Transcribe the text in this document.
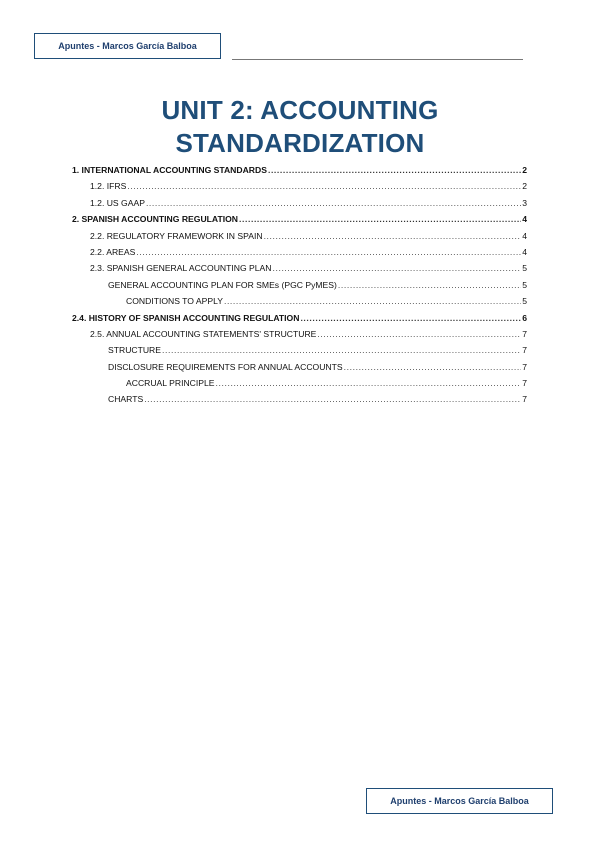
Apuntes - Marcos García Balboa
UNIT 2: ACCOUNTING
STANDARDIZATION
1. INTERNATIONAL ACCOUNTING STANDARDS .....	2
1.2. IFRS .....	2
1.2. US GAAP .....	3
2. SPANISH ACCOUNTING REGULATION .....	4
2.2. REGULATORY FRAMEWORK IN SPAIN .....	4
2.2. AREAS .....	4
2.3. SPANISH GENERAL ACCOUNTING PLAN .....	5
GENERAL ACCOUNTING PLAN FOR SMEs (PGC PyMES) .....	5
CONDITIONS TO APPLY .....	5
2.4. HISTORY OF SPANISH ACCOUNTING REGULATION .....	6
2.5. ANNUAL ACCOUNTING STATEMENTS' STRUCTURE .....	7
STRUCTURE .....	7
DISCLOSURE REQUIREMENTS FOR ANNUAL ACCOUNTS .....	7
ACCRUAL PRINCIPLE .....	7
CHARTS .....	7
Apuntes - Marcos García Balboa
